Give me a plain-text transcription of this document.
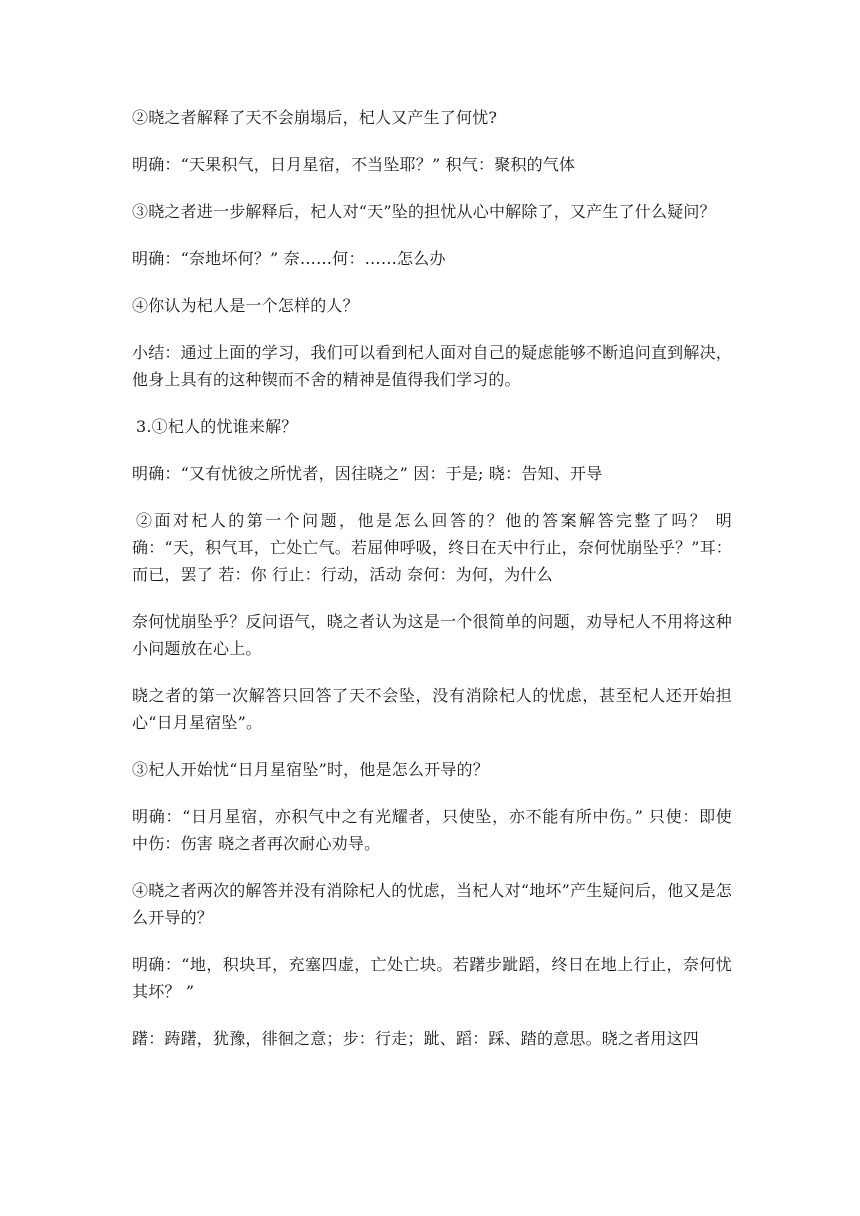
②晓之者解释了天不会崩塌后，杞人又产生了何忧?

明确：“天果积气，日月星宿，不当坠耶？” 积气：聚积的气体

③晓之者进一步解释后，杞人对“天”坠的担忧从心中解除了，又产生了什么疑问？

明确：“奈地坏何？” 奈……何：……怎么办

④你认为杞人是一个怎样的人？

小结：通过上面的学习，我们可以看到杞人面对自己的疑虑能够不断追问直到解决，他身上具有的这种锲而不舍的精神是值得我们学习的。

3.①杞人的忧谁来解？

明确：“又有忧彼之所忧者，因往晓之” 因：于是; 晓：告知、开导

②面对杞人的第一个问题，他是怎么回答的？他的答案解答完整了吗？ 明确：“天，积气耳，亡处亡气。若屈伸呼吸，终日在天中行止，奈何忧崩坠乎？”耳：而已，罢了 若：你 行止：行动，活动 奈何：为何，为什么

奈何忧崩坠乎？反问语气，晓之者认为这是一个很简单的问题，劝导杞人不用将这种小问题放在心上。

晓之者的第一次解答只回答了天不会坠，没有消除杞人的忧虑，甚至杞人还开始担心“日月星宿坠”。

③杞人开始忧“日月星宿坠”时，他是怎么开导的？

明确：“日月星宿，亦积气中之有光耀者，只使坠，亦不能有所中伤。” 只使：即使 中伤：伤害 晓之者再次耐心劝导。

④晓之者两次的解答并没有消除杞人的忧虑，当杞人对“地坏”产生疑问后，他又是怎么开导的？

明确：“地，积块耳，充塞四虚，亡处亡块。若躇步跐蹈，终日在地上行止，奈何忧其坏？ ”

躇：踌躇，犹豫，徘徊之意；步：行走；跐、蹈：踩、踏的意思。晓之者用这四
